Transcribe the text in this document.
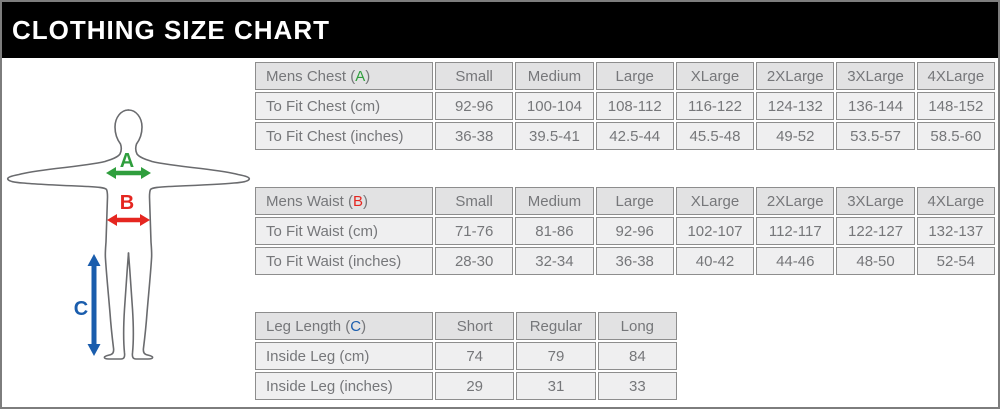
CLOTHING SIZE CHART
A
B
C
Mens Chest (A)	Small	Medium	Large	XLarge	2XLarge	3XLarge	4XLarge
To Fit Chest (cm)	92-96	100-104	108-112	116-122	124-132	136-144	148-152
To Fit Chest (inches)	36-38	39.5-41	42.5-44	45.5-48	49-52	53.5-57	58.5-60
Mens Waist (B)	Small	Medium	Large	XLarge	2XLarge	3XLarge	4XLarge
To Fit Waist (cm)	71-76	81-86	92-96	102-107	112-117	122-127	132-137
To Fit Waist (inches)	28-30	32-34	36-38	40-42	44-46	48-50	52-54
Leg Length (C)	Short	Regular	Long
Inside Leg (cm)	74	79	84
Inside Leg (inches)	29	31	33
